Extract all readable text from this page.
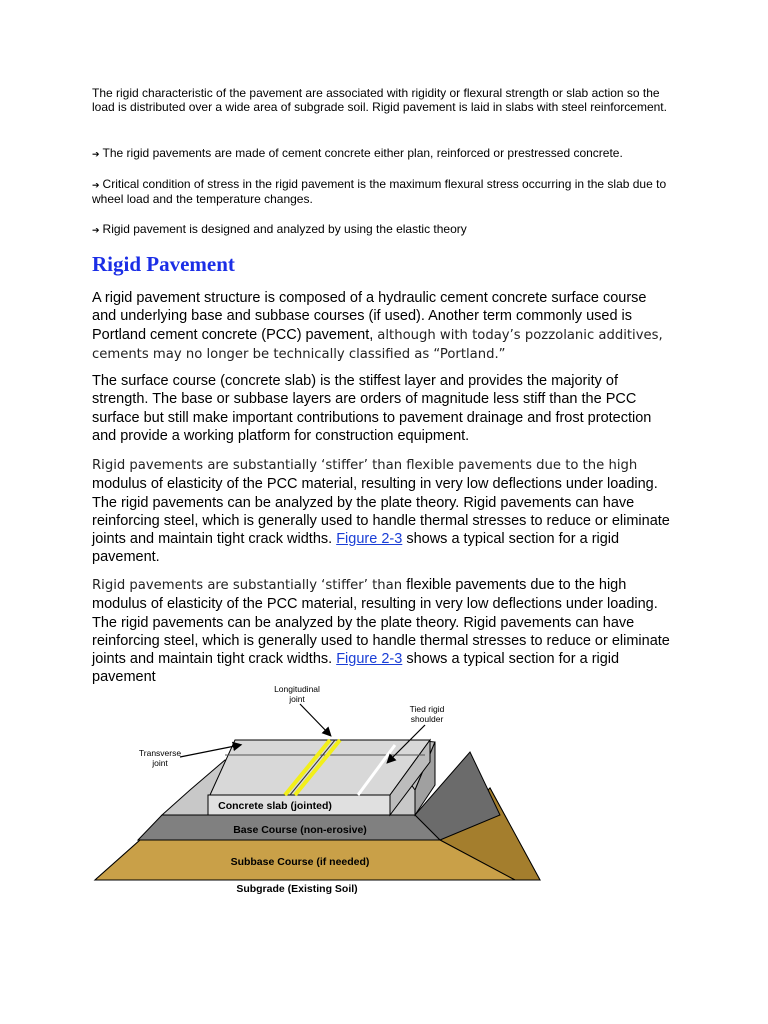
The rigid characteristic of the pavement are associated with rigidity or flexural strength or slab action so the load is distributed over a wide area of subgrade soil. Rigid pavement is laid in slabs with steel reinforcement.
➔ The rigid pavements are made of cement concrete either plan, reinforced or prestressed concrete.
➔ Critical condition of stress in the rigid pavement is the maximum flexural stress occurring in the slab due to wheel load and the temperature changes.
➔ Rigid pavement is designed and analyzed by using the elastic theory
Rigid Pavement
A rigid pavement structure is composed of a hydraulic cement concrete surface course and underlying base and subbase courses (if used). Another term commonly used is Portland cement concrete (PCC) pavement, although with today’s pozzolanic additives, cements may no longer be technically classified as “Portland.”
The surface course (concrete slab) is the stiffest layer and provides the majority of strength. The base or subbase layers are orders of magnitude less stiff than the PCC surface but still make important contributions to pavement drainage and frost protection and provide a working platform for construction equipment.
Rigid pavements are substantially ‘stiffer’ than flexible pavements due to the high modulus of elasticity of the PCC material, resulting in very low deflections under loading. The rigid pavements can be analyzed by the plate theory. Rigid pavements can have reinforcing steel, which is generally used to handle thermal stresses to reduce or eliminate joints and maintain tight crack widths. Figure 2-3 shows a typical section for a rigid pavement.
Rigid pavements are substantially ‘stiffer’ than flexible pavements due to the high modulus of elasticity of the PCC material, resulting in very low deflections under loading. The rigid pavements can be analyzed by the plate theory. Rigid pavements can have reinforcing steel, which is generally used to handle thermal stresses to reduce or eliminate joints and maintain tight crack widths. Figure 2-3 shows a typical section for a rigid pavement
Longitudinal
joint
Tied rigid
shoulder
Transverse
joint
Concrete slab (jointed)
Base Course (non-erosive)
Subbase Course (if needed)
Subgrade (Existing Soil)
